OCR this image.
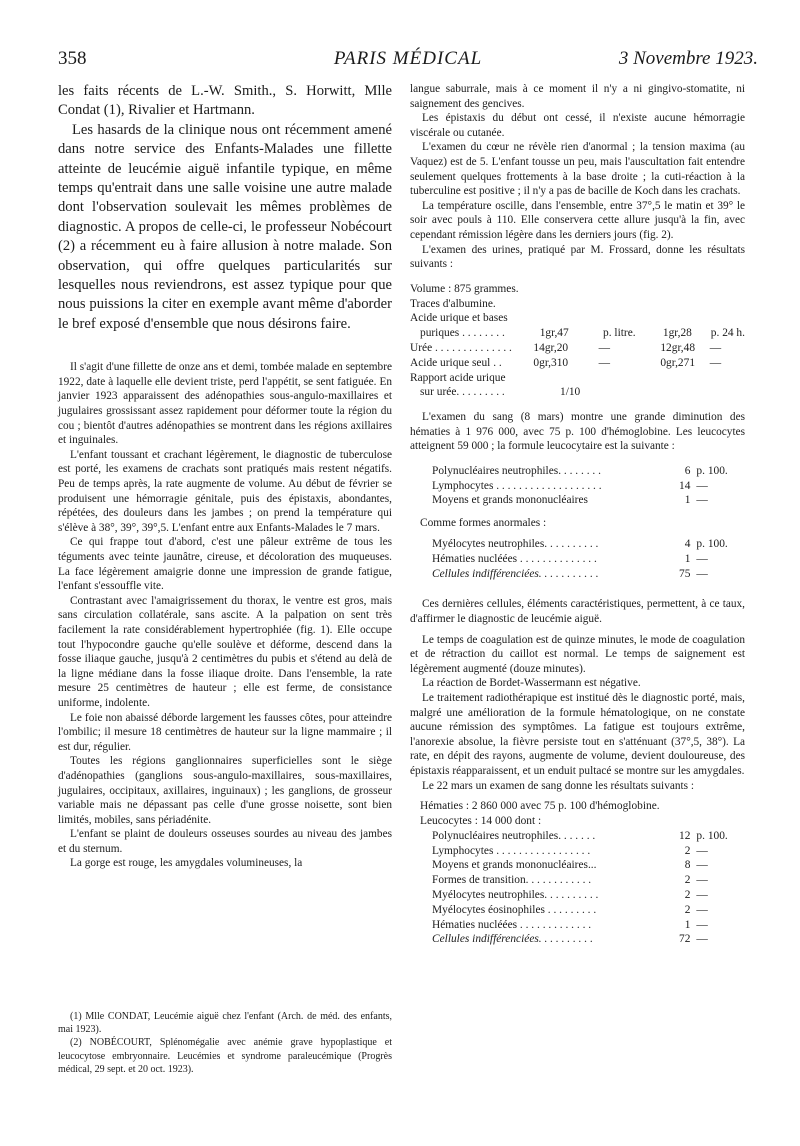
358	PARIS MÉDICAL	3 Novembre 1923.

les faits récents de L.-W. Smith., S. Horwitt, Mlle Condat (1), Rivalier et Hartmann.

Les hasards de la clinique nous ont récemment amené dans notre service des Enfants-Malades une fillette atteinte de leucémie aiguë infantile typique, en même temps qu'entrait dans une salle voisine une autre malade dont l'observation soulevait les mêmes problèmes de diagnostic. A propos de celle-ci, le professeur Nobécourt (2) a récemment eu à faire allusion à notre malade. Son observation, qui offre quelques particularités sur lesquelles nous reviendrons, est assez typique pour que nous puissions la citer en exemple avant même d'aborder le bref exposé d'ensemble que nous désirons faire.

Il s'agit d'une fillette de onze ans et demi, tombée malade en septembre 1922, date à laquelle elle devient triste, perd l'appétit, se sent fatiguée. En janvier 1923 apparaissent des adénopathies sous-angulo-maxillaires et jugulaires grossissant assez rapidement pour déformer toute la région du cou ; bientôt d'autres adénopathies se montrent dans les régions axillaires et inguinales.

L'enfant toussant et crachant légèrement, le diagnostic de tuberculose est porté, les examens de crachats sont pratiqués mais restent négatifs. Peu de temps après, la rate augmente de volume. Au début de février se produisent une hémorragie génitale, puis des épistaxis, abondantes, répétées, des douleurs dans les jambes ; on prend la température qui s'élève à 38°, 39°, 39°,5. L'enfant entre aux Enfants-Malades le 7 mars.

Ce qui frappe tout d'abord, c'est une pâleur extrême de tous les téguments avec teinte jaunâtre, cireuse, et décoloration des muqueuses. La face légèrement amaigrie donne une impression de grande fatigue, l'enfant s'essouffle vite.

Contrastant avec l'amaigrissement du thorax, le ventre est gros, mais sans circulation collatérale, sans ascite. A la palpation on sent très facilement la rate considérablement hypertrophiée (fig. 1). Elle occupe tout l'hypocondre gauche qu'elle soulève et déforme, descend dans la fosse iliaque gauche, jusqu'à 2 centimètres du pubis et s'étend au delà de la ligne médiane dans la fosse iliaque droite. Dans l'ensemble, la rate mesure 25 centimètres de hauteur ; elle est ferme, de consistance uniforme, indolente.

Le foie non abaissé déborde largement les fausses côtes, pour atteindre l'ombilic; il mesure 18 centimètres de hauteur sur la ligne mammaire ; il est dur, régulier.

Toutes les régions ganglionnaires superficielles sont le siège d'adénopathies (ganglions sous-angulo-maxillaires, sous-maxillaires, jugulaires, occipitaux, axillaires, inguinaux) ; les ganglions, de grosseur variable mais ne dépassant pas celle d'une grosse noisette, sont bien limités, mobiles, sans périadénite.

L'enfant se plaint de douleurs osseuses sourdes au niveau des jambes et du sternum.

La gorge est rouge, les amygdales volumineuses, la

(1) Mlle CONDAT, Leucémie aiguë chez l'enfant (Arch. de méd. des enfants, mai 1923).

(2) NOBÉCOURT, Splénomégalie avec anémie grave hypoplastique et leucocytose embryonnaire. Leucémies et syndrome paraleucémique (Progrès médical, 29 sept. et 20 oct. 1923).

langue saburrale, mais à ce moment il n'y a ni gingivo-stomatite, ni saignement des gencives.

Les épistaxis du début ont cessé, il n'existe aucune hémorragie viscérale ou cutanée.

L'examen du cœur ne révèle rien d'anormal ; la tension maxima (au Vaquez) est de 5. L'enfant tousse un peu, mais l'auscultation fait entendre seulement quelques frottements à la base droite ; la cuti-réaction à la tuberculine est positive ; il n'y a pas de bacille de Koch dans les crachats.

La température oscille, dans l'ensemble, entre 37°,5 le matin et 39° le soir avec pouls à 110. Elle conservera cette allure jusqu'à la fin, avec cependant rémission légère dans les derniers jours (fig. 2).

L'examen des urines, pratiqué par M. Frossard, donne les résultats suivants :

Volume : 875 grammes.
Traces d'albumine.
Acide urique et bases
puriques . . . . . . . .	1gr,47	p. litre.	1gr,28	p. 24 h.
Urée . . . . . . . . . . . . . .	14gr,20	—	12gr,48	—
Acide urique seul . .	0gr,310	—	0gr,271	—
Rapport acide urique
sur urée. . . . . . . . .	1/10

L'examen du sang (8 mars) montre une grande diminution des hématies à 1 976 000, avec 75 p. 100 d'hémoglobine. Les leucocytes atteignent 59 000 ; la formule leucocytaire est la suivante :

Polynucléaires neutrophiles. . . . . . . .	6 p. 100.
Lymphocytes . . . . . . . . . . . . . . . . . . .	14 —
Moyens et grands mononucléaires	1 —
Comme formes anormales :
Myélocytes neutrophiles. . . . . . . . . .	4 p. 100.
Hématies nucléées . . . . . . . . . . . . . .	1 —
Cellules indifférenciées. . . . . . . . . . .	75 —

Ces dernières cellules, éléments caractéristiques, permettent, à ce taux, d'affirmer le diagnostic de leucémie aiguë.

Le temps de coagulation est de quinze minutes, le mode de coagulation et de rétraction du caillot est normal. Le temps de saignement est légèrement augmenté (douze minutes).

La réaction de Bordet-Wassermann est négative.

Le traitement radiothérapique est institué dès le diagnostic porté, mais, malgré une amélioration de la formule hématologique, on ne constate aucune rémission des symptômes. La fatigue est toujours extrême, l'anorexie absolue, la fièvre persiste tout en s'atténuant (37°,5, 38°). La rate, en dépit des rayons, augmente de volume, devient douloureuse, des épistaxis réapparaissent, et un enduit pultacé se montre sur les amygdales.

Le 22 mars un examen de sang donne les résultats suivants :

Hématies : 2 860 000 avec 75 p. 100 d'hémoglobine.
Leucocytes : 14 000 dont :
Polynucléaires neutrophiles. . . . . . .	12 p. 100.
Lymphocytes . . . . . . . . . . . . . . . . .	2 —
Moyens et grands mononucléaires...	8 —
Formes de transition. . . . . . . . . . . .	2 —
Myélocytes neutrophiles. . . . . . . . . .	2 —
Myélocytes éosinophiles . . . . . . . . .	2 —
Hématies nucléées . . . . . . . . . . . . .	1 —
Cellules indifférenciées. . . . . . . . . .	72 —
